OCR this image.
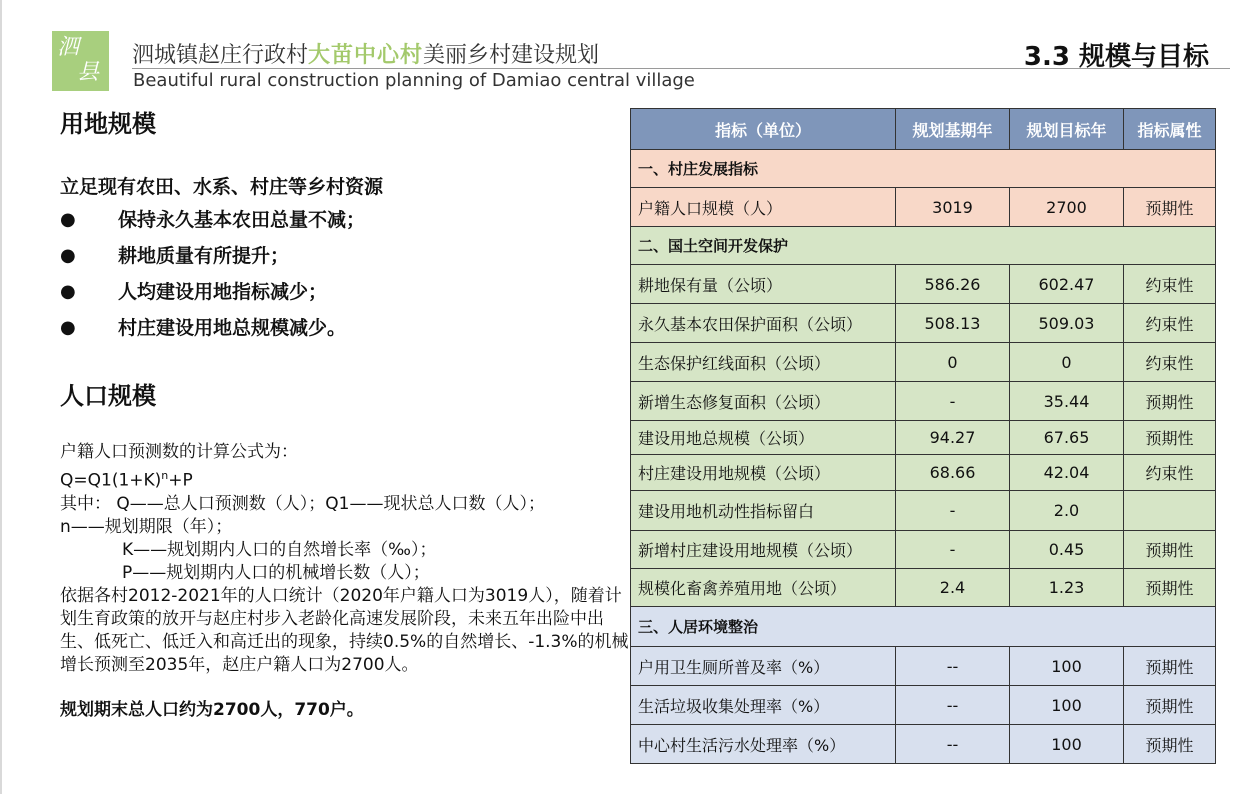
泗
县
泗城镇赵庄行政村大苗中心村美丽乡村建设规划
Beautiful rural construction planning of Damiao central village
3.3 规模与目标
用地规模
立足现有农田、水系、村庄等乡村资源
●	保持永久基本农田总量不减；
●	耕地质量有所提升；
●	人均建设用地指标减少；
●	村庄建设用地总规模减少。
人口规模
户籍人口预测数的计算公式为：
$Q=Q1(1+K)^n+P$
其中： Q——总人口预测数（人）；Q1——现状总人口数（人）；
n——规划期限（年）；
K——规划期内人口的自然增长率（‰）；
P——规划期内人口的机械增长数（人）；
依据各村2012-2021年的人口统计（2020年户籍人口为3019人），随着计划生育政策的放开与赵庄村步入老龄化高速发展阶段，未来五年出险中出生、低死亡、低迁入和高迁出的现象，持续0.5%的自然增长、-1.3%的机械增长预测至2035年，赵庄户籍人口为2700人。
规划期末总人口约为2700人，770户。
指标（单位）	规划基期年	规划目标年	指标属性
一、村庄发展指标			
户籍人口规模（人）	3019	2700	预期性
二、国土空间开发保护			
耕地保有量（公顷）	586.26	602.47	约束性
永久基本农田保护面积（公顷）	508.13	509.03	约束性
生态保护红线面积（公顷）	0	0	约束性
新增生态修复面积（公顷）	-	35.44	预期性
建设用地总规模（公顷）	94.27	67.65	预期性
村庄建设用地规模（公顷）	68.66	42.04	约束性
建设用地机动性指标留白	-	2.0	
新增村庄建设用地规模（公顷）	-	0.45	预期性
规模化畜禽养殖用地（公顷）	2.4	1.23	预期性
三、人居环境整治			
户用卫生厕所普及率（%）	--	100	预期性
生活垃圾收集处理率（%）	--	100	预期性
中心村生活污水处理率（%）	--	100	预期性
